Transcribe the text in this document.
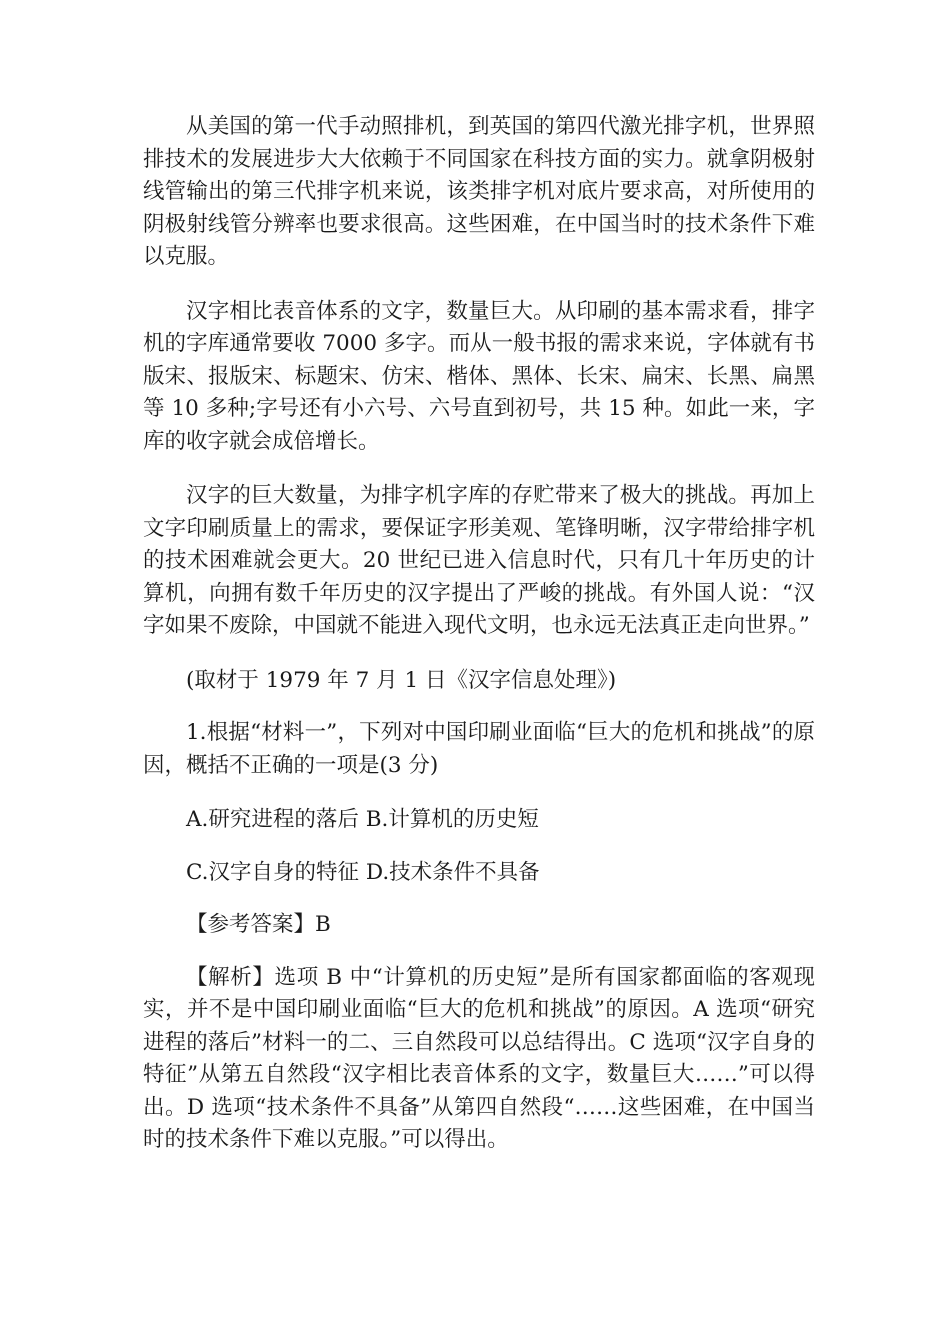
从美国的第一代手动照排机，到英国的第四代激光排字机，世界照排技术的发展进步大大依赖于不同国家在科技方面的实力。就拿阴极射线管输出的第三代排字机来说，该类排字机对底片要求高，对所使用的阴极射线管分辨率也要求很高。这些困难，在中国当时的技术条件下难以克服。

汉字相比表音体系的文字，数量巨大。从印刷的基本需求看，排字机的字库通常要收 7000 多字。而从一般书报的需求来说，字体就有书版宋、报版宋、标题宋、仿宋、楷体、黑体、长宋、扁宋、长黑、扁黑等 10 多种;字号还有小六号、六号直到初号，共 15 种。如此一来，字库的收字就会成倍增长。

汉字的巨大数量，为排字机字库的存贮带来了极大的挑战。再加上文字印刷质量上的需求，要保证字形美观、笔锋明晰，汉字带给排字机的技术困难就会更大。20 世纪已进入信息时代，只有几十年历史的计算机，向拥有数千年历史的汉字提出了严峻的挑战。有外国人说：“汉字如果不废除，中国就不能进入现代文明，也永远无法真正走向世界。”

(取材于 1979 年 7 月 1 日《汉字信息处理》)

1.根据“材料一”，下列对中国印刷业面临“巨大的危机和挑战”的原因，概括不正确的一项是(3 分)

A.研究进程的落后 B.计算机的历史短

C.汉字自身的特征 D.技术条件不具备

【参考答案】B

【解析】选项 B 中“计算机的历史短”是所有国家都面临的客观现实，并不是中国印刷业面临“巨大的危机和挑战”的原因。A 选项“研究进程的落后”材料一的二、三自然段可以总结得出。C 选项“汉字自身的特征”从第五自然段“汉字相比表音体系的文字，数量巨大……”可以得出。D 选项“技术条件不具备”从第四自然段“……这些困难，在中国当时的技术条件下难以克服。”可以得出。
